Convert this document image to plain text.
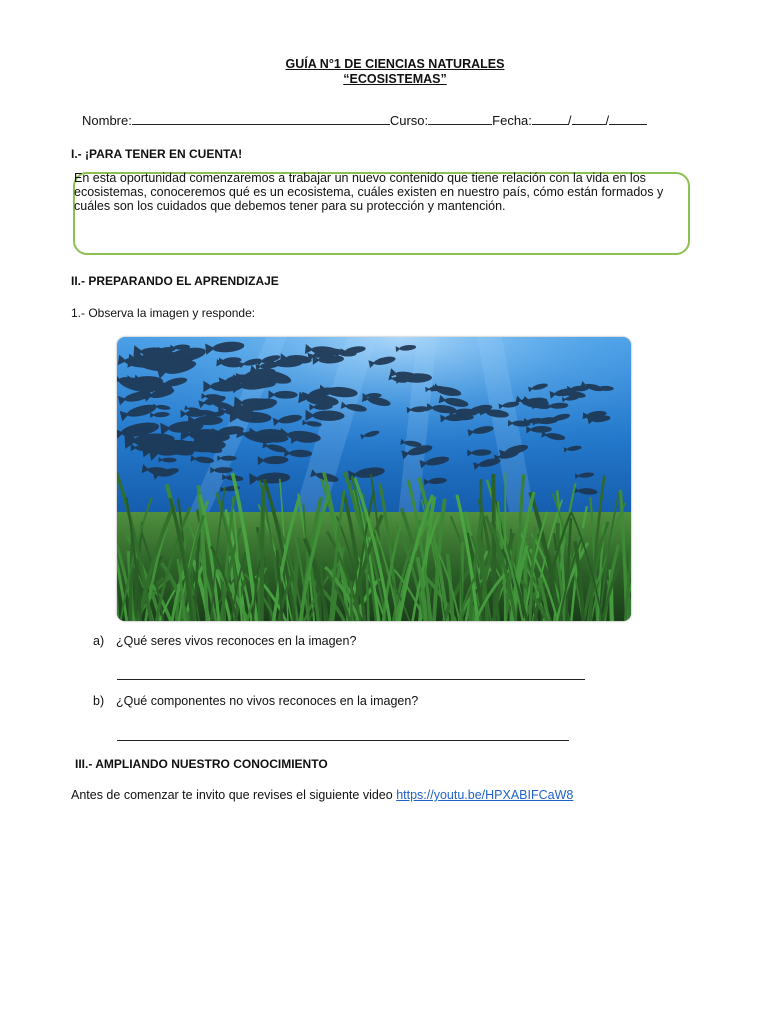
GUÍA N°1 DE CIENCIAS NATURALES
“ECOSISTEMAS”
Nombre:	Curso:	Fecha:	/	/
I.- ¡PARA TENER EN CUENTA!
En esta oportunidad comenzaremos a trabajar un nuevo contenido que tiene relación con la vida en los ecosistemas, conoceremos qué es un ecosistema, cuáles existen en nuestro país, cómo están formados y cuáles son los cuidados que debemos tener para su protección y mantención.
II.- PREPARANDO EL APRENDIZAJE
1.- Observa la imagen y responde:
a) ¿Qué seres vivos reconoces en la imagen?
b) ¿Qué componentes no vivos reconoces en la imagen?
III.- AMPLIANDO NUESTRO CONOCIMIENTO
Antes de comenzar te invito que revises el siguiente video https://youtu.be/HPXABIFCaW8
